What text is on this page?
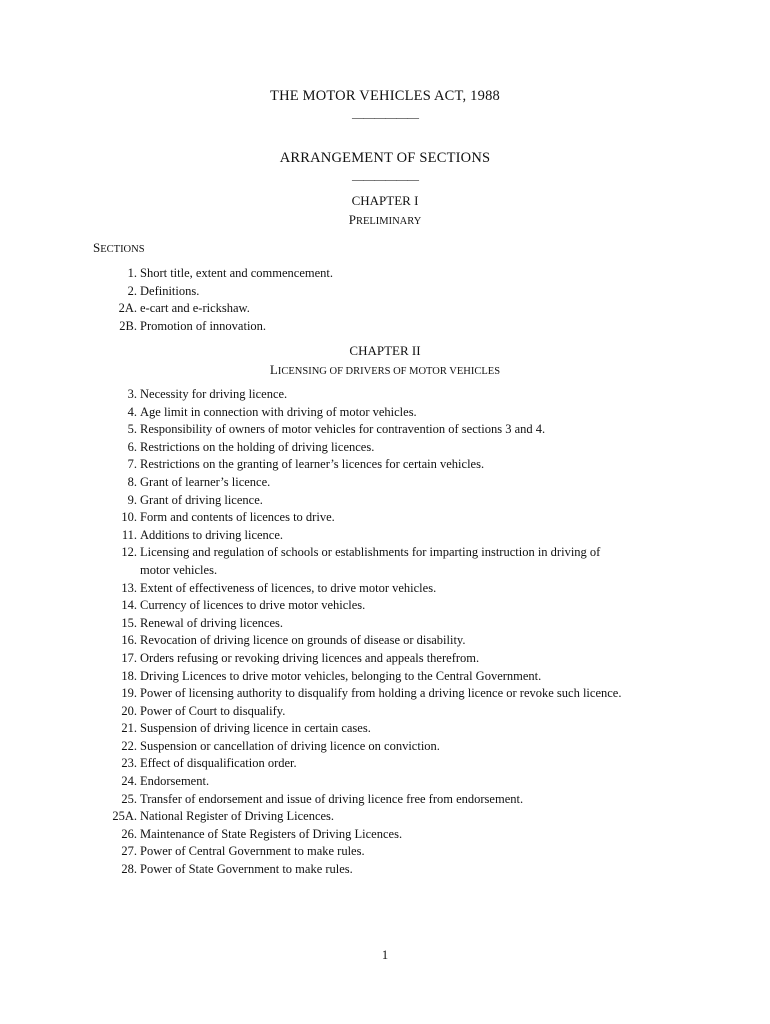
THE MOTOR VEHICLES ACT, 1988
——————
ARRANGEMENT OF SECTIONS
——————
CHAPTER I
PRELIMINARY
SECTIONS
1. Short title, extent and commencement.
2. Definitions.
2A. e-cart and e-rickshaw.
2B. Promotion of innovation.
CHAPTER II
LICENSING OF DRIVERS OF MOTOR VEHICLES
3. Necessity for driving licence.
4. Age limit in connection with driving of motor vehicles.
5. Responsibility of owners of motor vehicles for contravention of sections 3 and 4.
6. Restrictions on the holding of driving licences.
7. Restrictions on the granting of learner’s licences for certain vehicles.
8. Grant of learner’s licence.
9. Grant of driving licence.
10. Form and contents of licences to drive.
11. Additions to driving licence.
12. Licensing and regulation of schools or establishments for imparting instruction in driving of
motor vehicles.
13. Extent of effectiveness of licences, to drive motor vehicles.
14. Currency of licences to drive motor vehicles.
15. Renewal of driving licences.
16. Revocation of driving licence on grounds of disease or disability.
17. Orders refusing or revoking driving licences and appeals therefrom.
18. Driving Licences to drive motor vehicles, belonging to the Central Government.
19. Power of licensing authority to disqualify from holding a driving licence or revoke such licence.
20. Power of Court to disqualify.
21. Suspension of driving licence in certain cases.
22. Suspension or cancellation of driving licence on conviction.
23. Effect of disqualification order.
24. Endorsement.
25. Transfer of endorsement and issue of driving licence free from endorsement.
25A. National Register of Driving Licences.
26. Maintenance of State Registers of Driving Licences.
27. Power of Central Government to make rules.
28. Power of State Government to make rules.
1
